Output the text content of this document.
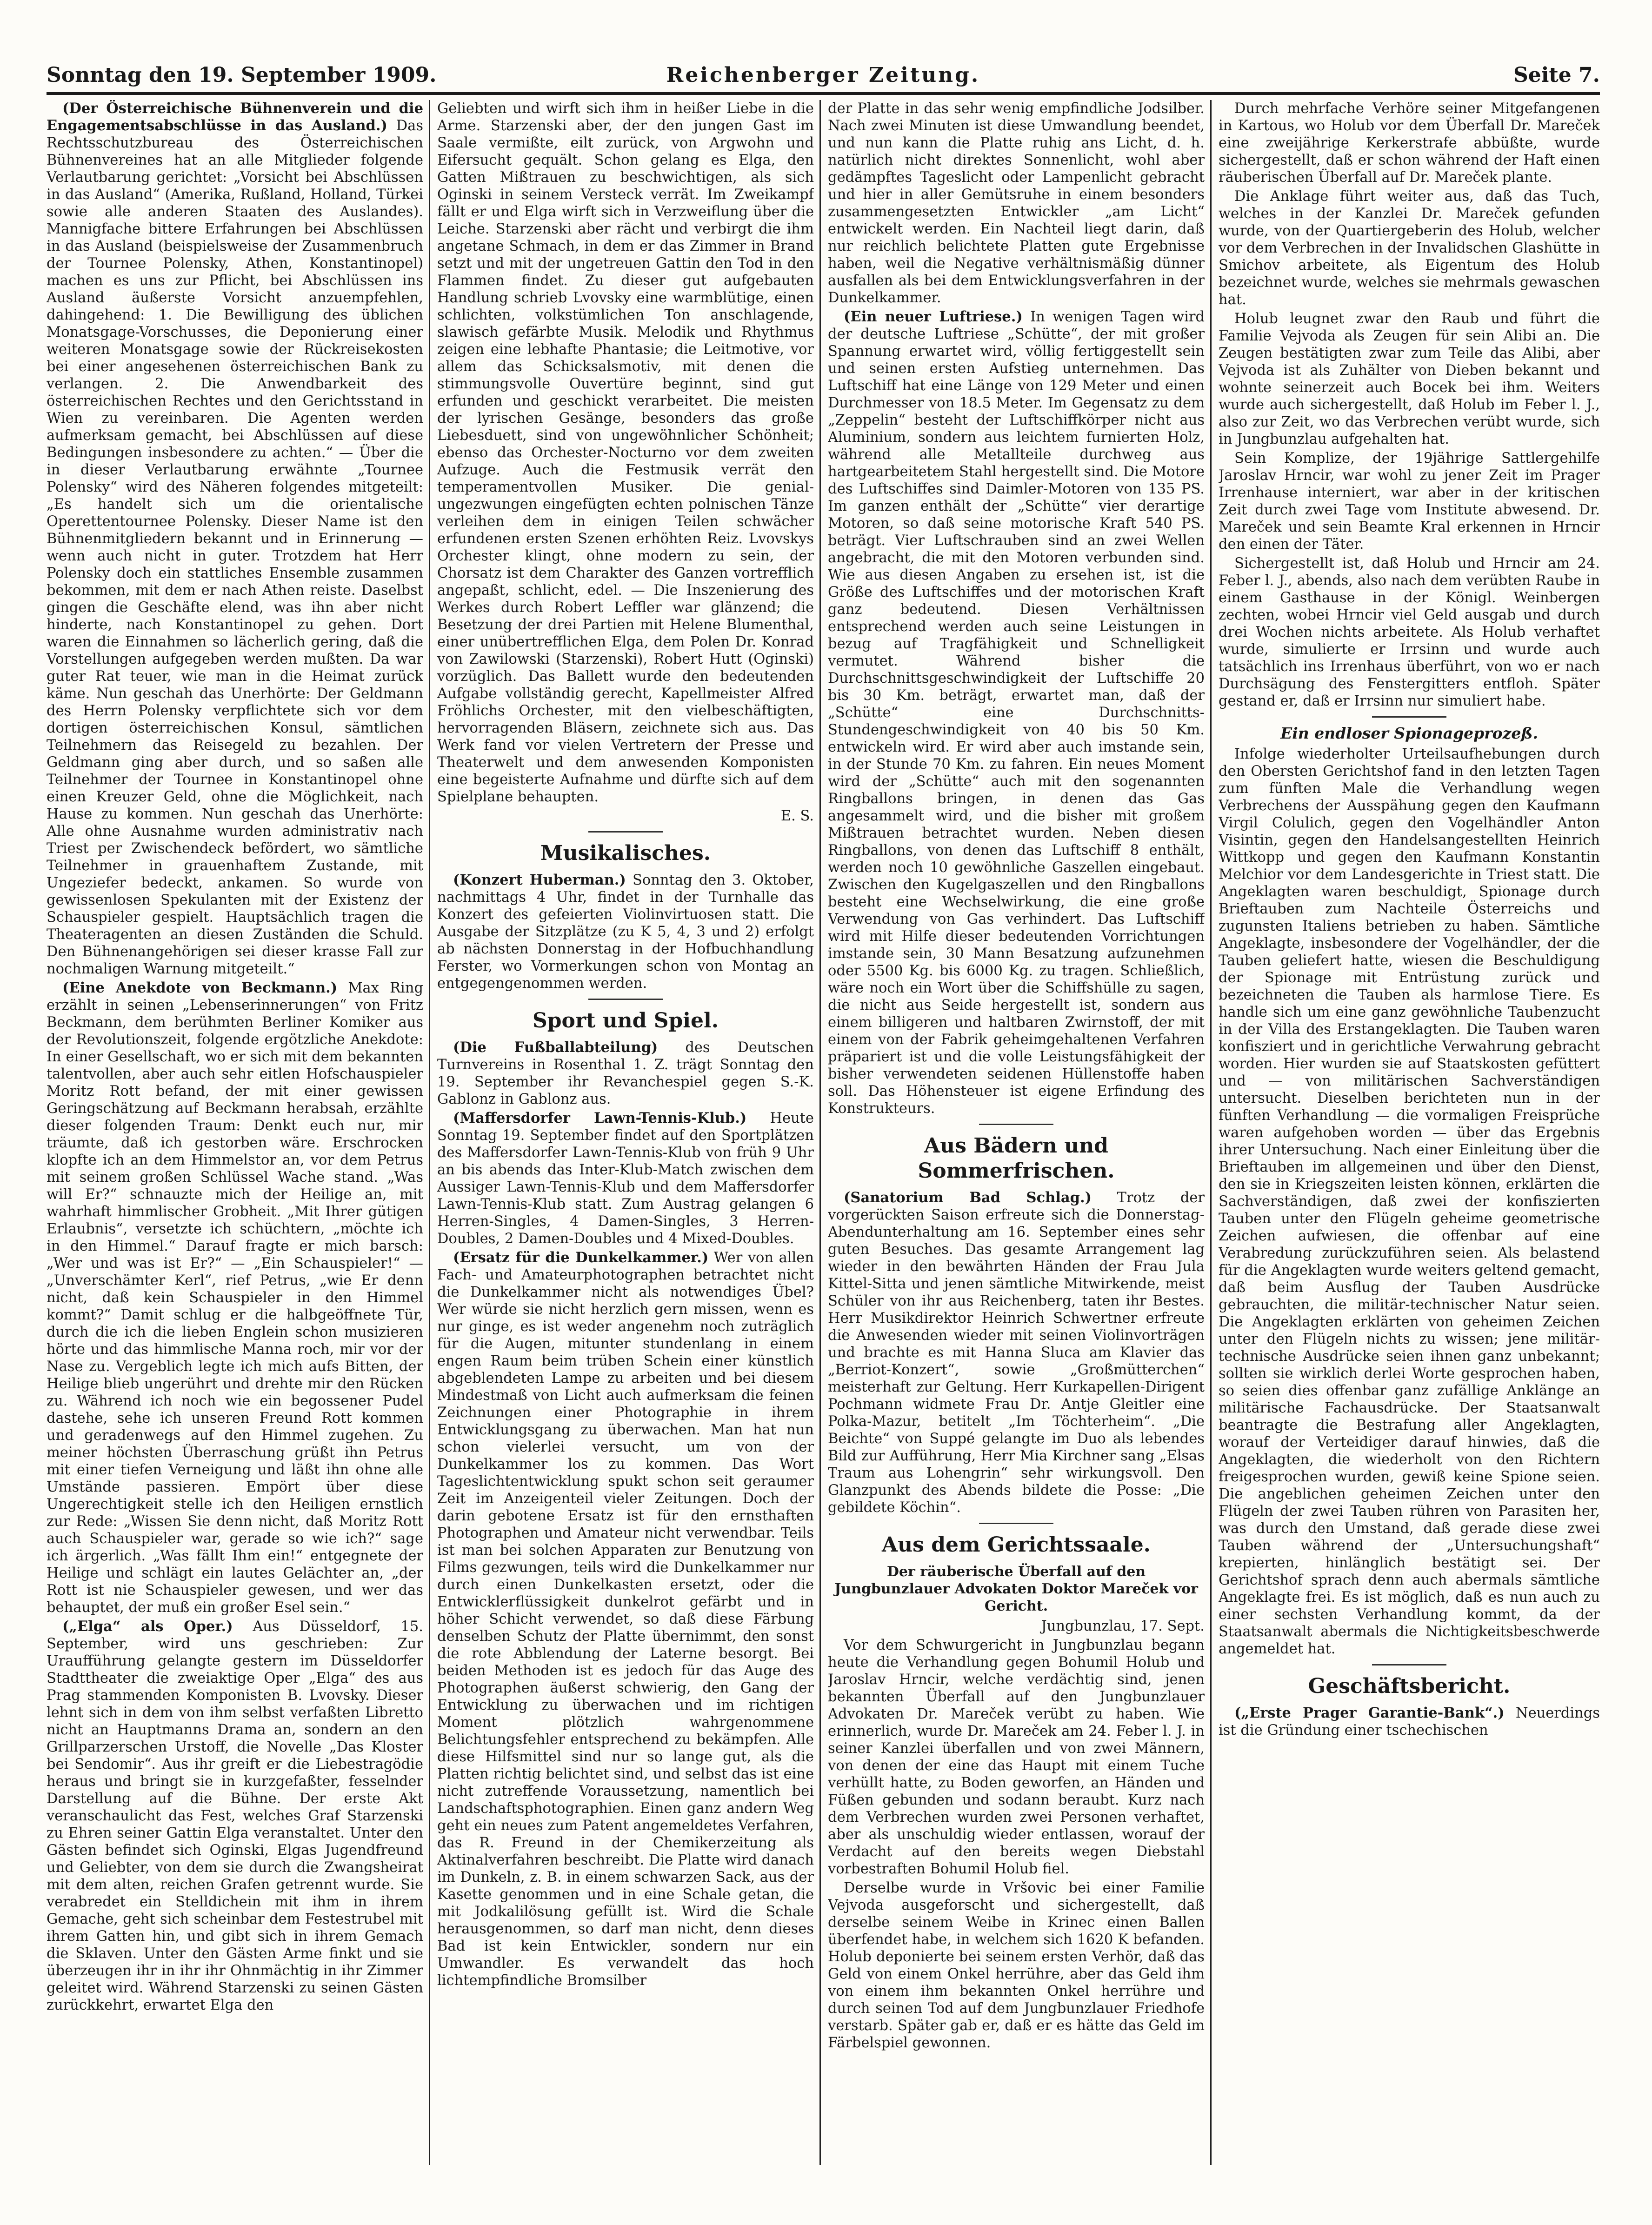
Sonntag den 19. September 1909.	Reichenberger Zeitung.	Seite 7.

(Der Österreichische Bühnenverein und die Engagementsabschlüsse in das Ausland.) Das Rechtsschutzbureau des Österreichischen Bühnenvereines hat an alle Mitglieder folgende Verlautbarung gerichtet: „Vorsicht bei Abschlüssen in das Ausland“ (Amerika, Rußland, Holland, Türkei sowie alle anderen Staaten des Auslandes). Mannigfache bittere Erfahrungen bei Abschlüssen in das Ausland (beispielsweise der Zusammenbruch der Tournee Polensky, Athen, Konstantinopel) machen es uns zur Pflicht, bei Abschlüssen ins Ausland äußerste Vorsicht anzuempfehlen, dahingehend: 1. Die Bewilligung des üblichen Monatsgage-Vorschusses, die Deponierung einer weiteren Monatsgage sowie der Rückreisekosten bei einer angesehenen österreichischen Bank zu verlangen. 2. Die Anwendbarkeit des österreichischen Rechtes und den Gerichtsstand in Wien zu vereinbaren. Die Agenten werden aufmerksam gemacht, bei Abschlüssen auf diese Bedingungen insbesondere zu achten.“ — Über die in dieser Verlautbarung erwähnte „Tournee Polensky“ wird des Näheren folgendes mitgeteilt: „Es handelt sich um die orientalische Operettentournee Polensky. Dieser Name ist den Bühnenmitgliedern bekannt und in Erinnerung — wenn auch nicht in guter. Trotzdem hat Herr Polensky doch ein stattliches Ensemble zusammen bekommen, mit dem er nach Athen reiste. Daselbst gingen die Geschäfte elend, was ihn aber nicht hinderte, nach Konstantinopel zu gehen. Dort waren die Einnahmen so lächerlich gering, daß die Vorstellungen aufgegeben werden mußten. Da war guter Rat teuer, wie man in die Heimat zurück käme. Nun geschah das Unerhörte: Der Geldmann des Herrn Polensky verpflichtete sich vor dem dortigen österreichischen Konsul, sämtlichen Teilnehmern das Reisegeld zu bezahlen. Der Geldmann ging aber durch, und so saßen alle Teilnehmer der Tournee in Konstantinopel ohne einen Kreuzer Geld, ohne die Möglichkeit, nach Hause zu kommen. Nun geschah das Unerhörte: Alle ohne Ausnahme wurden administrativ nach Triest per Zwischendeck befördert, wo sämtliche Teilnehmer in grauenhaftem Zustande, mit Ungeziefer bedeckt, ankamen. So wurde von gewissenlosen Spekulanten mit der Existenz der Schauspieler gespielt. Hauptsächlich tragen die Theateragenten an diesen Zuständen die Schuld. Den Bühnenangehörigen sei dieser krasse Fall zur nochmaligen Warnung mitgeteilt.“

(Eine Anekdote von Beckmann.) Max Ring erzählt in seinen „Lebenserinnerungen“ von Fritz Beckmann, dem berühmten Berliner Komiker aus der Revolutionszeit, folgende ergötzliche Anekdote: In einer Gesellschaft, wo er sich mit dem bekannten talentvollen, aber auch sehr eitlen Hofschauspieler Moritz Rott befand, der mit einer gewissen Geringschätzung auf Beckmann herabsah, erzählte dieser folgenden Traum: Denkt euch nur, mir träumte, daß ich gestorben wäre. Erschrocken klopfte ich an dem Himmelstor an, vor dem Petrus mit seinem großen Schlüssel Wache stand. „Was will Er?“ schnauzte mich der Heilige an, mit wahrhaft himmlischer Grobheit. „Mit Ihrer gütigen Erlaubnis“, versetzte ich schüchtern, „möchte ich in den Himmel.“ Darauf fragte er mich barsch: „Wer und was ist Er?“ — „Ein Schauspieler!“ — „Unverschämter Kerl“, rief Petrus, „wie Er denn nicht, daß kein Schauspieler in den Himmel kommt?“ Damit schlug er die halbgeöffnete Tür, durch die ich die lieben Englein schon musizieren hörte und das himmlische Manna roch, mir vor der Nase zu. Vergeblich legte ich mich aufs Bitten, der Heilige blieb ungerührt und drehte mir den Rücken zu. Während ich noch wie ein begossener Pudel dastehe, sehe ich unseren Freund Rott kommen und geradenwegs auf den Himmel zugehen. Zu meiner höchsten Überraschung grüßt ihn Petrus mit einer tiefen Verneigung und läßt ihn ohne alle Umstände passieren. Empört über diese Ungerechtigkeit stelle ich den Heiligen ernstlich zur Rede: „Wissen Sie denn nicht, daß Moritz Rott auch Schauspieler war, gerade so wie ich?“ sage ich ärgerlich. „Was fällt Ihm ein!“ entgegnete der Heilige und schlägt ein lautes Gelächter an, „der Rott ist nie Schauspieler gewesen, und wer das behauptet, der muß ein großer Esel sein.“

(„Elga“ als Oper.) Aus Düsseldorf, 15. September, wird uns geschrieben: Zur Uraufführung gelangte gestern im Düsseldorfer Stadttheater die zweiaktige Oper „Elga“ des aus Prag stammenden Komponisten B. Lvovsky. Dieser lehnt sich in dem von ihm selbst verfaßten Libretto nicht an Hauptmanns Drama an, sondern an den Grillparzerschen Urstoff, die Novelle „Das Kloster bei Sendomir“. Aus ihr greift er die Liebestragödie heraus und bringt sie in kurzgefaßter, fesselnder Darstellung auf die Bühne. Der erste Akt veranschaulicht das Fest, welches Graf Starzenski zu Ehren seiner Gattin Elga veranstaltet. Unter den Gästen befindet sich Oginski, Elgas Jugendfreund und Geliebter, von dem sie durch die Zwangsheirat mit dem alten, reichen Grafen getrennt wurde. Sie verabredet ein Stelldichein mit ihm in ihrem Gemache, geht sich scheinbar dem Festestrubel mit ihrem Gatten hin, und gibt sich in ihrem Gemach die Sklaven. Unter den Gästen Arme finkt und sie überzeugen ihr in ihr ihr Ohnmächtig in ihr Zimmer geleitet wird. Während Starzenski zu seinen Gästen zurückkehrt, erwartet Elga den

Geliebten und wirft sich ihm in heißer Liebe in die Arme. Starzenski aber, der den jungen Gast im Saale vermißte, eilt zurück, von Argwohn und Eifersucht gequält. Schon gelang es Elga, den Gatten Mißtrauen zu beschwichtigen, als sich Oginski in seinem Versteck verrät. Im Zweikampf fällt er und Elga wirft sich in Verzweiflung über die Leiche. Starzenski aber rächt und verbirgt die ihm angetane Schmach, in dem er das Zimmer in Brand setzt und mit der ungetreuen Gattin den Tod in den Flammen findet. Zu dieser gut aufgebauten Handlung schrieb Lvovsky eine warmblütige, einen schlichten, volkstümlichen Ton anschlagende, slawisch gefärbte Musik. Melodik und Rhythmus zeigen eine lebhafte Phantasie; die Leitmotive, vor allem das Schicksalsmotiv, mit denen die stimmungsvolle Ouvertüre beginnt, sind gut erfunden und geschickt verarbeitet. Die meisten der lyrischen Gesänge, besonders das große Liebesduett, sind von ungewöhnlicher Schönheit; ebenso das Orchester-Nocturno vor dem zweiten Aufzuge. Auch die Festmusik verrät den temperamentvollen Musiker. Die genial-ungezwungen eingefügten echten polnischen Tänze verleihen dem in einigen Teilen schwächer erfundenen ersten Szenen erhöhten Reiz. Lvovskys Orchester klingt, ohne modern zu sein, der Chorsatz ist dem Charakter des Ganzen vortrefflich angepaßt, schlicht, edel. — Die Inszenierung des Werkes durch Robert Leffler war glänzend; die Besetzung der drei Partien mit Helene Blumenthal, einer unübertrefflichen Elga, dem Polen Dr. Konrad von Zawilowski (Starzenski), Robert Hutt (Oginski) vorzüglich. Das Ballett wurde den bedeutenden Aufgabe vollständig gerecht, Kapellmeister Alfred Fröhlichs Orchester, mit den vielbeschäftigten, hervorragenden Bläsern, zeichnete sich aus. Das Werk fand vor vielen Vertretern der Presse und Theaterwelt und dem anwesenden Komponisten eine begeisterte Aufnahme und dürfte sich auf dem Spielplane behaupten.

E. S.

Musikalisches.

(Konzert Huberman.) Sonntag den 3. Oktober, nachmittags 4 Uhr, findet in der Turnhalle das Konzert des gefeierten Violinvirtuosen statt. Die Ausgabe der Sitzplätze (zu K 5, 4, 3 und 2) erfolgt ab nächsten Donnerstag in der Hofbuchhandlung Ferster, wo Vormerkungen schon von Montag an entgegengenommen werden.

Sport und Spiel.

(Die Fußballabteilung) des Deutschen Turnvereins in Rosenthal 1. Z. trägt Sonntag den 19. September ihr Revanchespiel gegen S.-K. Gablonz in Gablonz aus.

(Maffersdorfer Lawn-Tennis-Klub.) Heute Sonntag 19. September findet auf den Sportplätzen des Maffersdorfer Lawn-Tennis-Klub von früh 9 Uhr an bis abends das Inter-Klub-Match zwischen dem Aussiger Lawn-Tennis-Klub und dem Maffersdorfer Lawn-Tennis-Klub statt. Zum Austrag gelangen 6 Herren-Singles, 4 Damen-Singles, 3 Herren-Doubles, 2 Damen-Doubles und 4 Mixed-Doubles.

(Ersatz für die Dunkelkammer.) Wer von allen Fach- und Amateurphotographen betrachtet nicht die Dunkelkammer nicht als notwendiges Übel? Wer würde sie nicht herzlich gern missen, wenn es nur ginge, es ist weder angenehm noch zuträglich für die Augen, mitunter stundenlang in einem engen Raum beim trüben Schein einer künstlich abgeblendeten Lampe zu arbeiten und bei diesem Mindestmaß von Licht auch aufmerksam die feinen Zeichnungen einer Photographie in ihrem Entwicklungsgang zu überwachen. Man hat nun schon vielerlei versucht, um von der Dunkelkammer los zu kommen. Das Wort Tageslichtentwicklung spukt schon seit geraumer Zeit im Anzeigenteil vieler Zeitungen. Doch der darin gebotene Ersatz ist für den ernsthaften Photographen und Amateur nicht verwendbar. Teils ist man bei solchen Apparaten zur Benutzung von Films gezwungen, teils wird die Dunkelkammer nur durch einen Dunkelkasten ersetzt, oder die Entwicklerflüssigkeit dunkelrot gefärbt und in höher Schicht verwendet, so daß diese Färbung denselben Schutz der Platte übernimmt, den sonst die rote Abblendung der Laterne besorgt. Bei beiden Methoden ist es jedoch für das Auge des Photographen äußerst schwierig, den Gang der Entwicklung zu überwachen und im richtigen Moment plötzlich wahrgenommene Belichtungsfehler entsprechend zu bekämpfen. Alle diese Hilfsmittel sind nur so lange gut, als die Platten richtig belichtet sind, und selbst das ist eine nicht zutreffende Voraussetzung, namentlich bei Landschaftsphotographien. Einen ganz andern Weg geht ein neues zum Patent angemeldetes Verfahren, das R. Freund in der Chemikerzeitung als Aktinalverfahren beschreibt. Die Platte wird danach im Dunkeln, z. B. in einem schwarzen Sack, aus der Kasette genommen und in eine Schale getan, die mit Jodkalilösung gefüllt ist. Wird die Schale herausgenommen, so darf man nicht, denn dieses Bad ist kein Entwickler, sondern nur ein Umwandler. Es verwandelt das hoch lichtempfindliche Bromsilber

der Platte in das sehr wenig empfindliche Jodsilber. Nach zwei Minuten ist diese Umwandlung beendet, und nun kann die Platte ruhig ans Licht, d. h. natürlich nicht direktes Sonnenlicht, wohl aber gedämpftes Tageslicht oder Lampenlicht gebracht und hier in aller Gemütsruhe in einem besonders zusammengesetzten Entwickler „am Licht“ entwickelt werden. Ein Nachteil liegt darin, daß nur reichlich belichtete Platten gute Ergebnisse haben, weil die Negative verhältnismäßig dünner ausfallen als bei dem Entwicklungsverfahren in der Dunkelkammer.

(Ein neuer Luftriese.) In wenigen Tagen wird der deutsche Luftriese „Schütte“, der mit großer Spannung erwartet wird, völlig fertiggestellt sein und seinen ersten Aufstieg unternehmen. Das Luftschiff hat eine Länge von 129 Meter und einen Durchmesser von 18.5 Meter. Im Gegensatz zu dem „Zeppelin“ besteht der Luftschiffkörper nicht aus Aluminium, sondern aus leichtem furnierten Holz, während alle Metallteile durchweg aus hartgearbeitetem Stahl hergestellt sind. Die Motore des Luftschiffes sind Daimler-Motoren von 135 PS. Im ganzen enthält der „Schütte“ vier derartige Motoren, so daß seine motorische Kraft 540 PS. beträgt. Vier Luftschrauben sind an zwei Wellen angebracht, die mit den Motoren verbunden sind. Wie aus diesen Angaben zu ersehen ist, ist die Größe des Luftschiffes und der motorischen Kraft ganz bedeutend. Diesen Verhältnissen entsprechend werden auch seine Leistungen in bezug auf Tragfähigkeit und Schnelligkeit vermutet. Während bisher die Durchschnittsgeschwindigkeit der Luftschiffe 20 bis 30 Km. beträgt, erwartet man, daß der „Schütte“ eine Durchschnitts-Stundengeschwindigkeit von 40 bis 50 Km. entwickeln wird. Er wird aber auch imstande sein, in der Stunde 70 Km. zu fahren. Ein neues Moment wird der „Schütte“ auch mit den sogenannten Ringballons bringen, in denen das Gas angesammelt wird, und die bisher mit großem Mißtrauen betrachtet wurden. Neben diesen Ringballons, von denen das Luftschiff 8 enthält, werden noch 10 gewöhnliche Gaszellen eingebaut. Zwischen den Kugelgaszellen und den Ringballons besteht eine Wechselwirkung, die eine große Verwendung von Gas verhindert. Das Luftschiff wird mit Hilfe dieser bedeutenden Vorrichtungen imstande sein, 30 Mann Besatzung aufzunehmen oder 5500 Kg. bis 6000 Kg. zu tragen. Schließlich, wäre noch ein Wort über die Schiffshülle zu sagen, die nicht aus Seide hergestellt ist, sondern aus einem billigeren und haltbaren Zwirnstoff, der mit einem von der Fabrik geheimgehaltenen Verfahren präpariert ist und die volle Leistungsfähigkeit der bisher verwendeten seidenen Hüllenstoffe haben soll. Das Höhensteuer ist eigene Erfindung des Konstrukteurs.

Aus Bädern und Sommerfrischen.

(Sanatorium Bad Schlag.) Trotz der vorgerückten Saison erfreute sich die Donnerstag-Abendunterhaltung am 16. September eines sehr guten Besuches. Das gesamte Arrangement lag wieder in den bewährten Händen der Frau Jula Kittel-Sitta und jenen sämtliche Mitwirkende, meist Schüler von ihr aus Reichenberg, taten ihr Bestes. Herr Musikdirektor Heinrich Schwertner erfreute die Anwesenden wieder mit seinen Violinvorträgen und brachte es mit Hanna Sluca am Klavier das „Berriot-Konzert“, sowie „Großmütterchen“ meisterhaft zur Geltung. Herr Kurkapellen-Dirigent Pochmann widmete Frau Dr. Antje Gleitler eine Polka-Mazur, betitelt „Im Töchterheim“. „Die Beichte“ von Suppé gelangte im Duo als lebendes Bild zur Aufführung, Herr Mia Kirchner sang „Elsas Traum aus Lohengrin“ sehr wirkungsvoll. Den Glanzpunkt des Abends bildete die Posse: „Die gebildete Köchin“.

Aus dem Gerichtssaale.

Der räuberische Überfall auf den Jungbunzlauer Advokaten Doktor Mareček vor Gericht.

Jungbunzlau, 17. Sept.

Vor dem Schwurgericht in Jungbunzlau begann heute die Verhandlung gegen Bohumil Holub und Jaroslav Hrncir, welche verdächtig sind, jenen bekannten Überfall auf den Jungbunzlauer Advokaten Dr. Mareček verübt zu haben. Wie erinnerlich, wurde Dr. Mareček am 24. Feber l. J. in seiner Kanzlei überfallen und von zwei Männern, von denen der eine das Haupt mit einem Tuche verhüllt hatte, zu Boden geworfen, an Händen und Füßen gebunden und sodann beraubt. Kurz nach dem Verbrechen wurden zwei Personen verhaftet, aber als unschuldig wieder entlassen, worauf der Verdacht auf den bereits wegen Diebstahl vorbestraften Bohumil Holub fiel.

Derselbe wurde in Vršovic bei einer Familie Vejvoda ausgeforscht und sichergestellt, daß derselbe seinem Weibe in Krinec einen Ballen überfendet habe, in welchem sich 1620 K befanden. Holub deponierte bei seinem ersten Verhör, daß das Geld von einem Onkel herrühre, aber das Geld ihm von einem ihm bekannten Onkel herrühre und durch seinen Tod auf dem Jungbunzlauer Friedhofe verstarb. Später gab er, daß er es hätte das Geld im Färbelspiel gewonnen.

Durch mehrfache Verhöre seiner Mitgefangenen in Kartous, wo Holub vor dem Überfall Dr. Mareček eine zweijährige Kerkerstrafe abbüßte, wurde sichergestellt, daß er schon während der Haft einen räuberischen Überfall auf Dr. Mareček plante.

Die Anklage führt weiter aus, daß das Tuch, welches in der Kanzlei Dr. Mareček gefunden wurde, von der Quartiergeberin des Holub, welcher vor dem Verbrechen in der Invalidschen Glashütte in Smichov arbeitete, als Eigentum des Holub bezeichnet wurde, welches sie mehrmals gewaschen hat.

Holub leugnet zwar den Raub und führt die Familie Vejvoda als Zeugen für sein Alibi an. Die Zeugen bestätigten zwar zum Teile das Alibi, aber Vejvoda ist als Zuhälter von Dieben bekannt und wohnte seinerzeit auch Bocek bei ihm. Weiters wurde auch sichergestellt, daß Holub im Feber l. J., also zur Zeit, wo das Verbrechen verübt wurde, sich in Jungbunzlau aufgehalten hat.

Sein Komplize, der 19jährige Sattlergehilfe Jaroslav Hrncir, war wohl zu jener Zeit im Prager Irrenhause interniert, war aber in der kritischen Zeit durch zwei Tage vom Institute abwesend. Dr. Mareček und sein Beamte Kral erkennen in Hrncir den einen der Täter.

Sichergestellt ist, daß Holub und Hrncir am 24. Feber l. J., abends, also nach dem verübten Raube in einem Gasthause in der Königl. Weinbergen zechten, wobei Hrncir viel Geld ausgab und durch drei Wochen nichts arbeitete. Als Holub verhaftet wurde, simulierte er Irrsinn und wurde auch tatsächlich ins Irrenhaus überführt, von wo er nach Durchsägung des Fenstergitters entfloh. Später gestand er, daß er Irrsinn nur simuliert habe.

Ein endloser Spionageprozeß.

Infolge wiederholter Urteilsaufhebungen durch den Obersten Gerichtshof fand in den letzten Tagen zum fünften Male die Verhandlung wegen Verbrechens der Ausspähung gegen den Kaufmann Virgil Colulich, gegen den Vogelhändler Anton Visintin, gegen den Handelsangestellten Heinrich Wittkopp und gegen den Kaufmann Konstantin Melchior vor dem Landesgerichte in Triest statt. Die Angeklagten waren beschuldigt, Spionage durch Brieftauben zum Nachteile Österreichs und zugunsten Italiens betrieben zu haben. Sämtliche Angeklagte, insbesondere der Vogelhändler, der die Tauben geliefert hatte, wiesen die Beschuldigung der Spionage mit Entrüstung zurück und bezeichneten die Tauben als harmlose Tiere. Es handle sich um eine ganz gewöhnliche Taubenzucht in der Villa des Erstangeklagten. Die Tauben waren konfisziert und in gerichtliche Verwahrung gebracht worden. Hier wurden sie auf Staatskosten gefüttert und — von militärischen Sachverständigen untersucht. Dieselben berichteten nun in der fünften Verhandlung — die vormaligen Freisprüche waren aufgehoben worden — über das Ergebnis ihrer Untersuchung. Nach einer Einleitung über die Brieftauben im allgemeinen und über den Dienst, den sie in Kriegszeiten leisten können, erklärten die Sachverständigen, daß zwei der konfiszierten Tauben unter den Flügeln geheime geometrische Zeichen aufwiesen, die offenbar auf eine Verabredung zurückzuführen seien. Als belastend für die Angeklagten wurde weiters geltend gemacht, daß beim Ausflug der Tauben Ausdrücke gebrauchten, die militär-technischer Natur seien. Die Angeklagten erklärten von geheimen Zeichen unter den Flügeln nichts zu wissen; jene militär-technische Ausdrücke seien ihnen ganz unbekannt; sollten sie wirklich derlei Worte gesprochen haben, so seien dies offenbar ganz zufällige Anklänge an militärische Fachausdrücke. Der Staatsanwalt beantragte die Bestrafung aller Angeklagten, worauf der Verteidiger darauf hinwies, daß die Angeklagten, die wiederholt von den Richtern freigesprochen wurden, gewiß keine Spione seien. Die angeblichen geheimen Zeichen unter den Flügeln der zwei Tauben rühren von Parasiten her, was durch den Umstand, daß gerade diese zwei Tauben während der „Untersuchungshaft“ krepierten, hinlänglich bestätigt sei. Der Gerichtshof sprach denn auch abermals sämtliche Angeklagte frei. Es ist möglich, daß es nun auch zu einer sechsten Verhandlung kommt, da der Staatsanwalt abermals die Nichtigkeitsbeschwerde angemeldet hat.

Geschäftsbericht.

(„Erste Prager Garantie-Bank“.) Neuerdings ist die Gründung einer tschechischen
